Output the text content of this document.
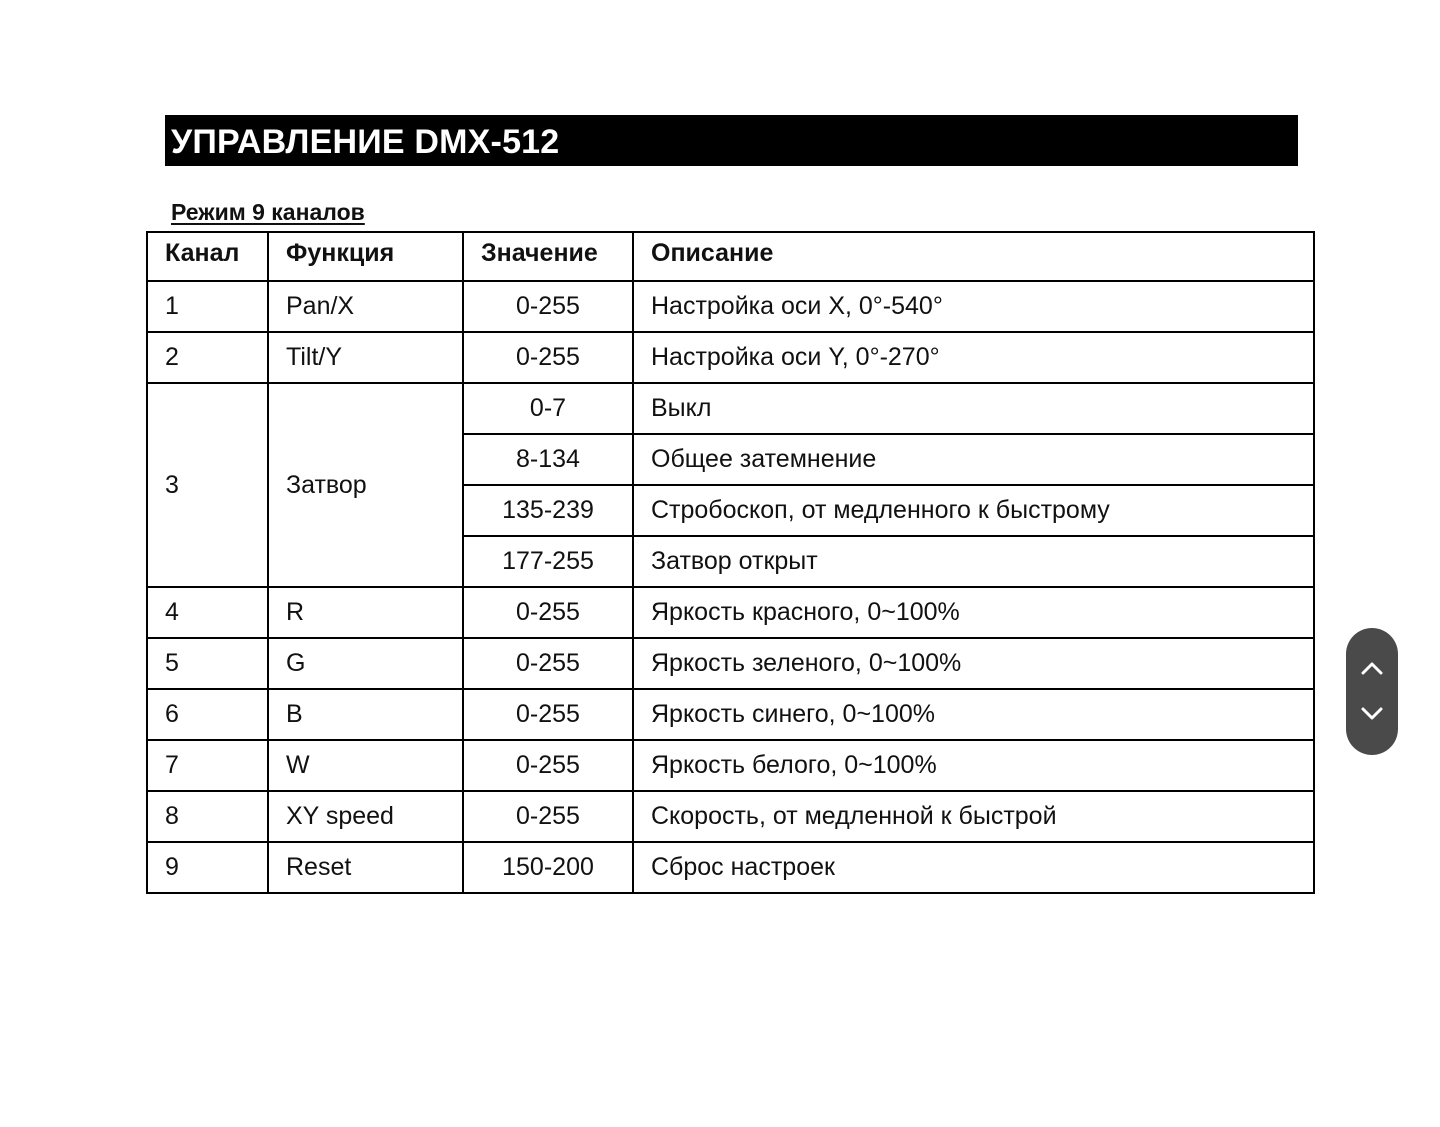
УПРАВЛЕНИЕ DMX-512
Режим 9 каналов
Канал	Функция	Значение	Описание
1	Pan/X	0-255	Настройка оси X, 0°-540°
2	Tilt/Y	0-255	Настройка оси Y, 0°-270°
3	Затвор	0-7	Выкл
		8-134	Общее затемнение
		135-239	Стробоскоп, от медленного к быстрому
		177-255	Затвор открыт
4	R	0-255	Яркость красного, 0~100%
5	G	0-255	Яркость зеленого, 0~100%
6	B	0-255	Яркость синего, 0~100%
7	W	0-255	Яркость белого, 0~100%
8	XY speed	0-255	Скорость, от медленной к быстрой
9	Reset	150-200	Сброс настроек
